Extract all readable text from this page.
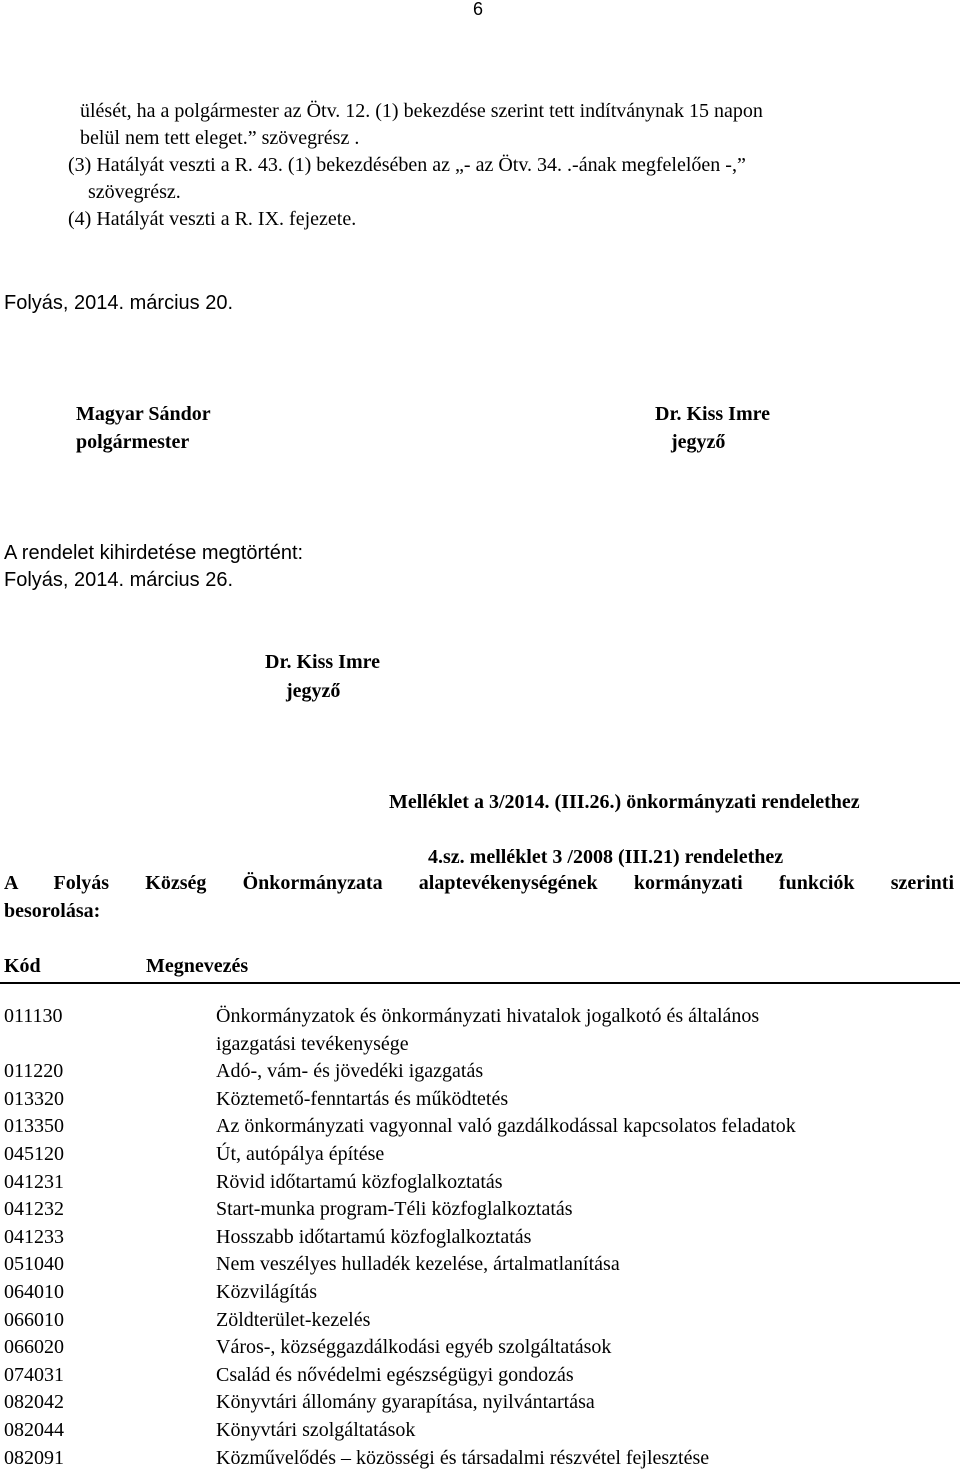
6
ülését, ha a polgármester az Ötv. 12. (1) bekezdése szerint tett indítványnak 15 napon
belül nem tett eleget.” szövegrész .
(3) Hatályát veszti a R. 43. (1) bekezdésében az „- az Ötv. 34. .-ának megfelelően -,”
szövegrész.
(4) Hatályát veszti a R. IX. fejezete.
Folyás, 2014. március 20.
Magyar Sándor
polgármester
Dr. Kiss Imre
jegyző
A rendelet kihirdetése megtörtént:
Folyás, 2014. március 26.
Dr. Kiss Imre
jegyző
Melléklet a 3/2014. (III.26.) önkormányzati rendelethez
4.sz. melléklet 3 /2008 (III.21) rendelethez
A Folyás Község Önkormányzata alaptevékenységének kormányzati funkciók szerinti
besorolása:
Kód	Megnevezés
011130	Önkormányzatok és önkormányzati hivatalok jogalkotó és általános
igazgatási tevékenysége

011220	Adó-, vám- és jövedéki igazgatás
013320	Köztemető-fenntartás és működtetés
013350	Az önkormányzati vagyonnal való gazdálkodással kapcsolatos feladatok
045120	Út, autópálya építése
041231	Rövid időtartamú közfoglalkoztatás
041232	Start-munka program-Téli közfoglalkoztatás
041233	Hosszabb időtartamú közfoglalkoztatás
051040	Nem veszélyes hulladék kezelése, ártalmatlanítása
064010	Közvilágítás
066010	Zöldterület-kezelés
066020	Város-, községgazdálkodási egyéb szolgáltatások
074031	Család és nővédelmi egészségügyi gondozás
082042	Könyvtári állomány gyarapítása, nyilvántartása
082044	Könyvtári szolgáltatások
082091	Közművelődés – közösségi és társadalmi részvétel fejlesztése
